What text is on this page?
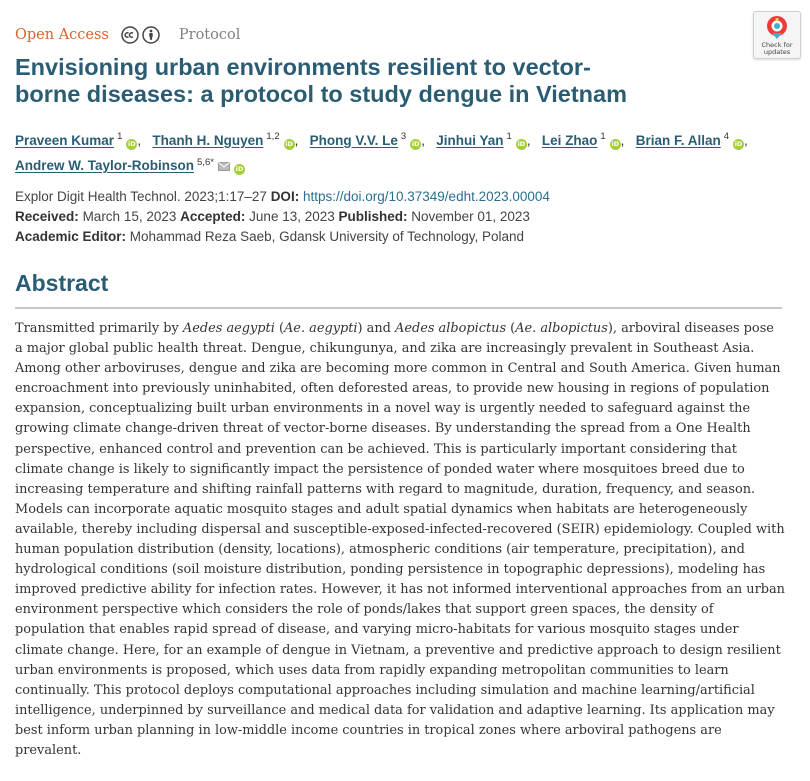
Open Access	Protocol
Check for
updates
Envisioning urban environments resilient to vector-borne diseases: a protocol to study dengue in Vietnam
Praveen Kumar $^1$iD ,   Thanh H. Nguyen $^{1,2}$iD ,   Phong V.V. Le $^3$iD ,   Jinhui Yan $^1$iD ,   Lei Zhao $^1$iD ,   Brian F. Allan $^4$iD , Andrew W. Taylor-Robinson $^{5,6*}$iD
Explor Digit Health Technol. 2023;1:17–27 DOI: https://doi.org/10.37349/edht.2023.00004
Received: March 15, 2023 Accepted: June 13, 2023 Published: November 01, 2023
Academic Editor: Mohammad Reza Saeb, Gdansk University of Technology, Poland
Abstract

Transmitted primarily by Aedes aegypti (Ae. aegypti) and Aedes albopictus (Ae. albopictus), arboviral diseases pose a major global public health threat. Dengue, chikungunya, and zika are increasingly prevalent in Southeast Asia. Among other arboviruses, dengue and zika are becoming more common in Central and South America. Given human encroachment into previously uninhabited, often deforested areas, to provide new housing in regions of population expansion, conceptualizing built urban environments in a novel way is urgently needed to safeguard against the growing climate change-driven threat of vector-borne diseases. By understanding the spread from a One Health perspective, enhanced control and prevention can be achieved. This is particularly important considering that climate change is likely to significantly impact the persistence of ponded water where mosquitoes breed due to increasing temperature and shifting rainfall patterns with regard to magnitude, duration, frequency, and season. Models can incorporate aquatic mosquito stages and adult spatial dynamics when habitats are heterogeneously available, thereby including dispersal and susceptible-exposed-infected-recovered (SEIR) epidemiology. Coupled with human population distribution (density, locations), atmospheric conditions (air temperature, precipitation), and hydrological conditions (soil moisture distribution, ponding persistence in topographic depressions), modeling has improved predictive ability for infection rates. However, it has not informed interventional approaches from an urban environment perspective which considers the role of ponds/lakes that support green spaces, the density of population that enables rapid spread of disease, and varying micro-habitats for various mosquito stages under climate change. Here, for an example of dengue in Vietnam, a preventive and predictive approach to design resilient urban environments is proposed, which uses data from rapidly expanding metropolitan communities to learn continually. This protocol deploys computational approaches including simulation and machine learning/artificial intelligence, underpinned by surveillance and medical data for validation and adaptive learning. Its application may best inform urban planning in low-middle income countries in tropical zones where arboviral pathogens are prevalent.
